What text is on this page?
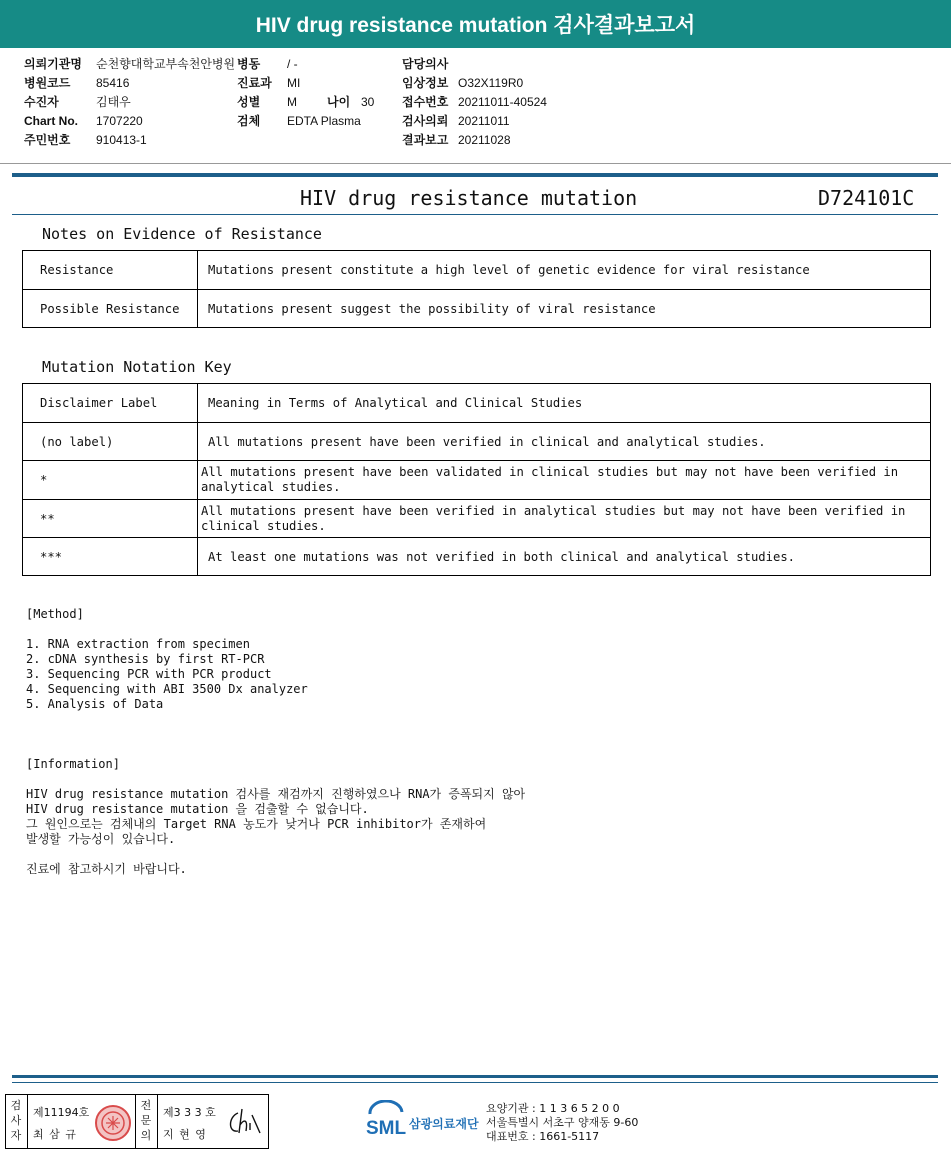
HIV drug resistance mutation 검사결과보고서
의뢰기관명 순천향대학교부속천안병원
병원코드 85416
수진자	김태우
Chart No. 1707220
주민번호 910413-1
병동 / -
진료과 MI
성별 M	나이 30
검체 EDTA Plasma
담당의사
임상정보 O32X119R0
접수번호 20211011-40524
검사의뢰 20211011
결과보고 20211028
HIV drug resistance mutation	D724101C
Notes on Evidence of Resistance
Resistance	Mutations present constitute a high level of genetic evidence for viral resistance
Possible Resistance	Mutations present suggest the possibility of viral resistance
Mutation Notation Key
Disclaimer Label	Meaning in Terms of Analytical and Clinical Studies
(no label)	All mutations present have been verified in clinical and analytical studies.
*	All mutations present have been validated in clinical studies but may not have been verified in analytical studies.
**	All mutations present have been verified in analytical studies but may not have been verified in clinical studies.
***	At least one mutations was not verified in both clinical and analytical studies.
[Method]
1. RNA extraction from specimen
2. cDNA synthesis by first RT-PCR
3. Sequencing PCR with PCR product
4. Sequencing with ABI 3500 Dx analyzer
5. Analysis of Data
[Information]
HIV drug resistance mutation 검사를 재검까지 진행하였으나 RNA가 증폭되지 않아
HIV drug resistance mutation 을 검출할 수 없습니다.
그 원인으로는 검체내의 Target RNA 농도가 낮거나 PCR inhibitor가 존재하여
발생할 가능성이 있습니다.
진료에 참고하시기 바랍니다.
검사자
제11194호
최 삼 규
전문의
제3 3 3 호
지 현 영	SML 삼광의료재단
요양기관 : 1 1 3 6 5 2 0 0
서울특별시 서초구 양재동 9-60
대표번호 : 1661-5117
